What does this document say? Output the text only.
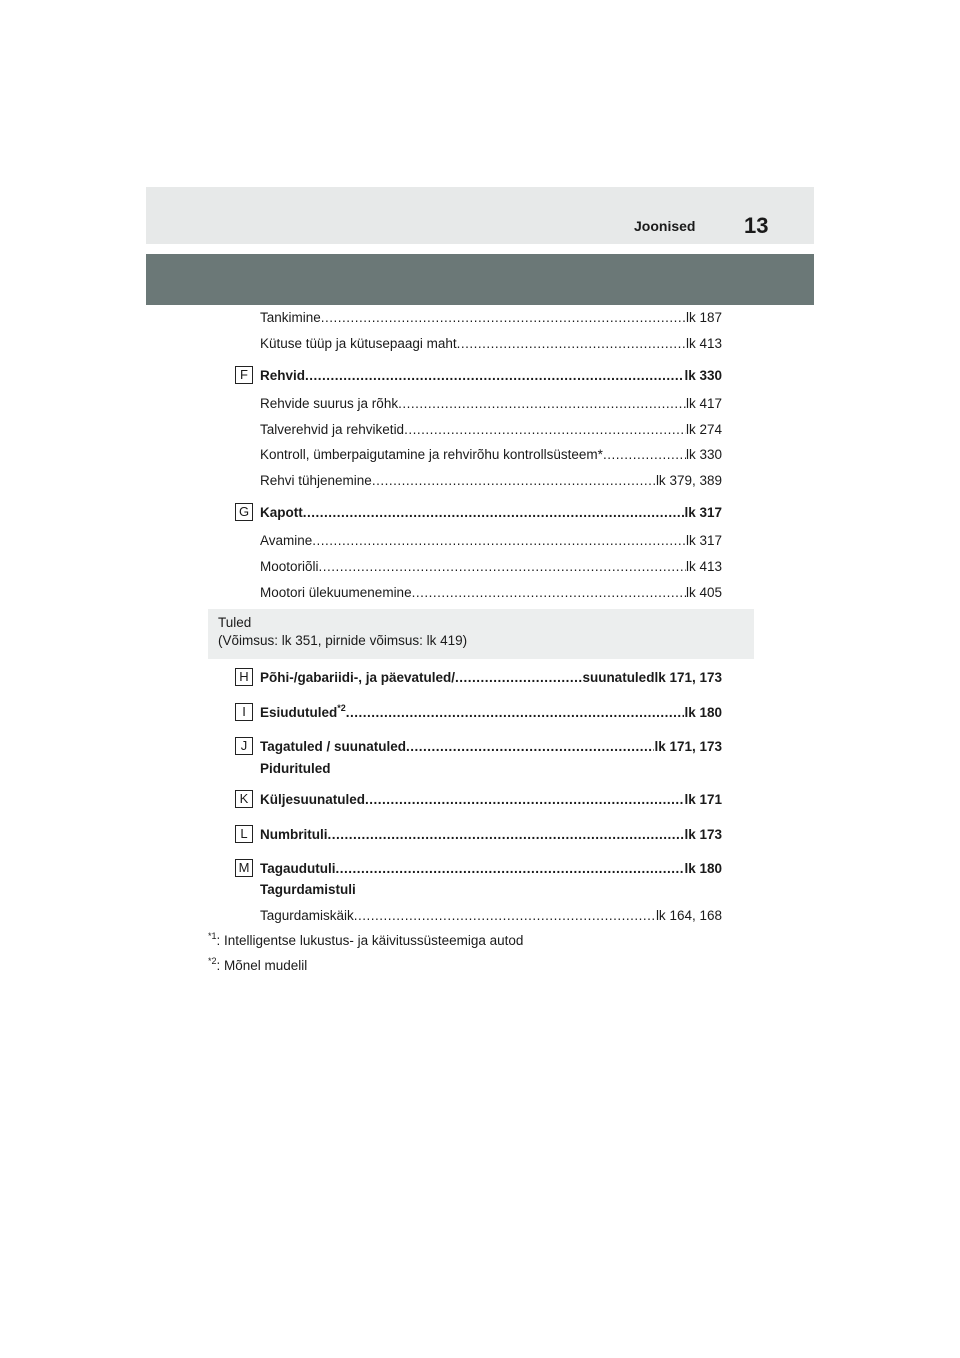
Joonised 13
Tankimine .....	lk 187
Kütuse tüüp ja kütusepaagi maht .....	lk 413
F Rehvid .....	lk 330
Rehvide suurus ja rõhk .....	lk 417
Talverehvid ja rehviketid .....	lk 274
Kontroll, ümberpaigutamine ja rehvirõhu kontrollsüsteem* .....	lk 330
Rehvi tühjenemine .....	lk 379, 389
G Kapott .....	lk 317
Avamine .....	lk 317
Mootoriõli .....	lk 413
Mootori ülekuumenemine .....	lk 405
Tuled
(Võimsus: lk 351, pirnide võimsus: lk 419)
H Põhi-/gabariidi-, ja päevatuled/ .....	suunatuledlk 171, 173
I	Esiudutuled$^{*2}$ .....	lk 180
J Tagatuled / suunatuled .....	lk 171, 173
Pidurituled
K Küljesuunatuled .....	lk 171
L Numbrituli .....	lk 173
M Tagaudutuli .....	lk 180
Tagurdamistuli
Tagurdamiskäik .....	lk 164, 168
$^{*1}$: Intelligentse lukustus- ja käivitussüsteemiga autod
$^{*2}$: Mõnel mudelil
